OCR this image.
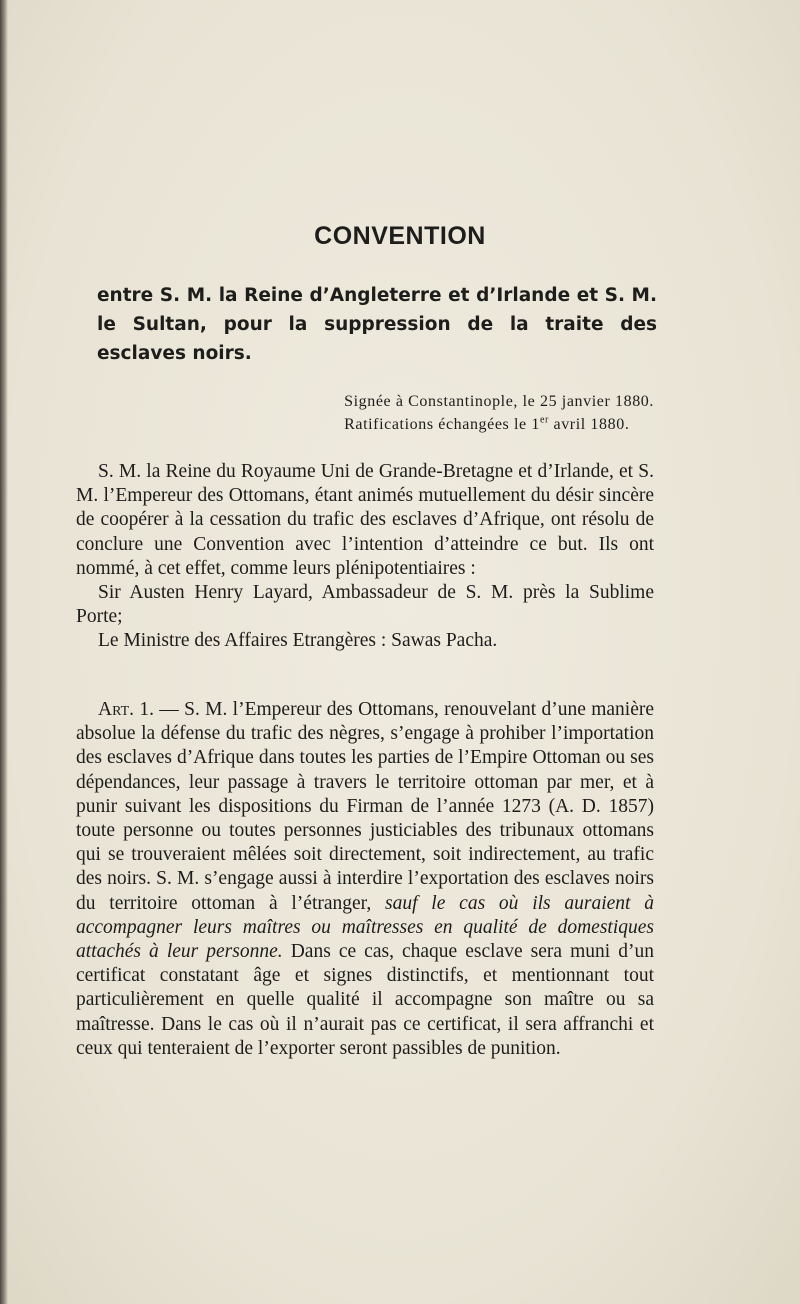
CONVENTION
entre S. M. la Reine d’Angleterre et d’Irlande et S. M. le Sultan, pour la suppression de la traite des esclaves noirs.
Signée à Constantinople, le 25 janvier 1880.
Ratifications échangées le 1er avril 1880.

S. M. la Reine du Royaume Uni de Grande-Bretagne et d’Irlande, et S. M. l’Empereur des Ottomans, étant animés mutuellement du désir sincère de coopérer à la cessation du trafic des esclaves d’Afrique, ont résolu de conclure une Convention avec l’intention d’atteindre ce but. Ils ont nommé, à cet effet, comme leurs plénipotentiaires :

Sir Austen Henry Layard, Ambassadeur de S. M. près la Sublime Porte;

Le Ministre des Affaires Etrangères : Sawas Pacha.

Art. 1. — S. M. l’Empereur des Ottomans, renouvelant d’une manière absolue la défense du trafic des nègres, s’engage à prohiber l’importation des esclaves d’Afrique dans toutes les parties de l’Empire Ottoman ou ses dépendances, leur passage à travers le territoire ottoman par mer, et à punir suivant les dispositions du Firman de l’année 1273 (A. D. 1857) toute personne ou toutes personnes justiciables des tribunaux ottomans qui se trouveraient mêlées soit directement, soit indirectement, au trafic des noirs. S. M. s’engage aussi à interdire l’exportation des esclaves noirs du territoire ottoman à l’étranger, sauf le cas où ils auraient à accompagner leurs maîtres ou maîtresses en qualité de domestiques attachés à leur personne. Dans ce cas, chaque esclave sera muni d’un certificat constatant âge et signes distinctifs, et mentionnant tout particulièrement en quelle qualité il accompagne son maître ou sa maîtresse. Dans le cas où il n’aurait pas ce certificat, il sera affranchi et ceux qui tenteraient de l’exporter seront passibles de punition.
